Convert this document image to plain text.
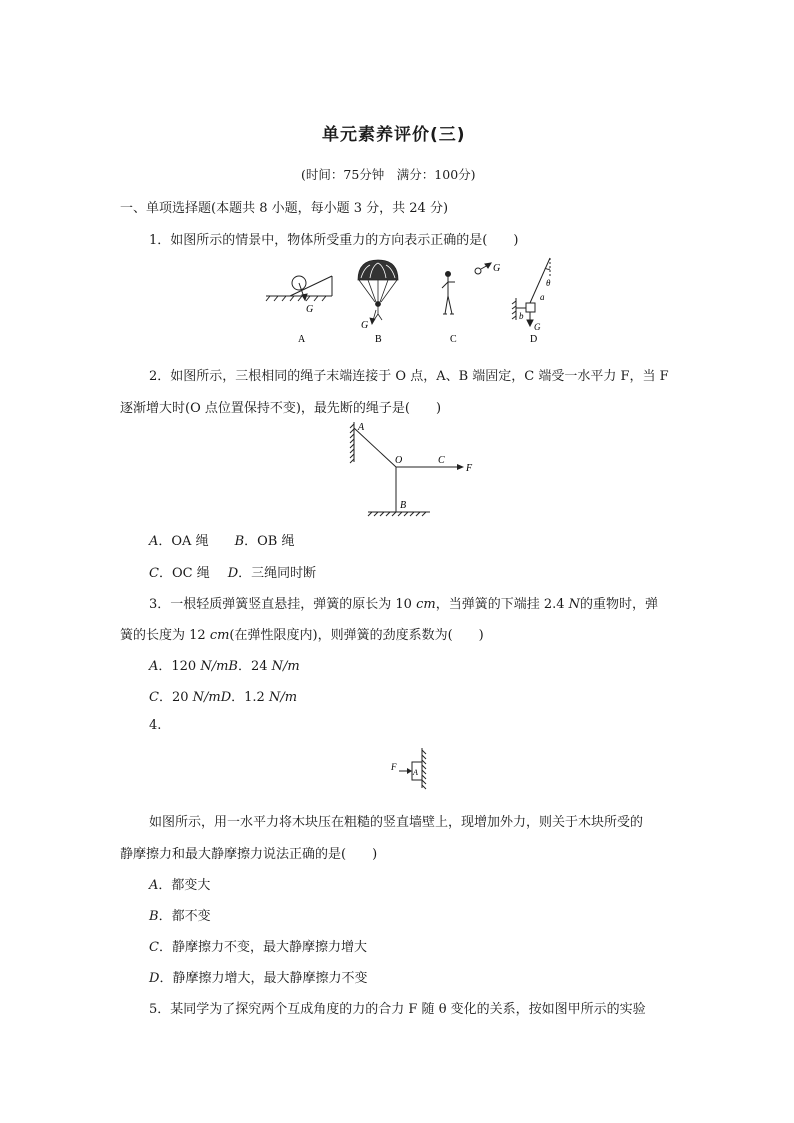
单元素养评价(三)
(时间：75分钟　满分：100分)
一、单项选择题(本题共 8 小题，每小题 3 分，共 24 分)
1．如图所示的情景中，物体所受重力的方向表示正确的是(　　)
G
G
G
θ
a
b
G
A	B	C	D
2．如图所示，三根相同的绳子末端连接于 O 点，A、B 端固定，C 端受一水平力 F，当 F
逐渐增大时(O 点位置保持不变)，最先断的绳子是(　　)
A
O	C
F
B
A．OA 绳 B．OB 绳
C．OC 绳 D．三绳同时断
3．一根轻质弹簧竖直悬挂，弹簧的原长为 10 cm，当弹簧的下端挂 2.4 N的重物时，弹
簧的长度为 12 cm(在弹性限度内)，则弹簧的劲度系数为(　　)
A．120 N/mB．24 N/m
C．20 N/mD．1.2 N/m
4.
F
A
如图所示，用一水平力将木块压在粗糙的竖直墙壁上，现增加外力，则关于木块所受的
静摩擦力和最大静摩擦力说法正确的是(　　)
A．都变大
B．都不变
C．静摩擦力不变，最大静摩擦力增大
D．静摩擦力增大，最大静摩擦力不变
5．某同学为了探究两个互成角度的力的合力 F 随 θ 变化的关系，按如图甲所示的实验
